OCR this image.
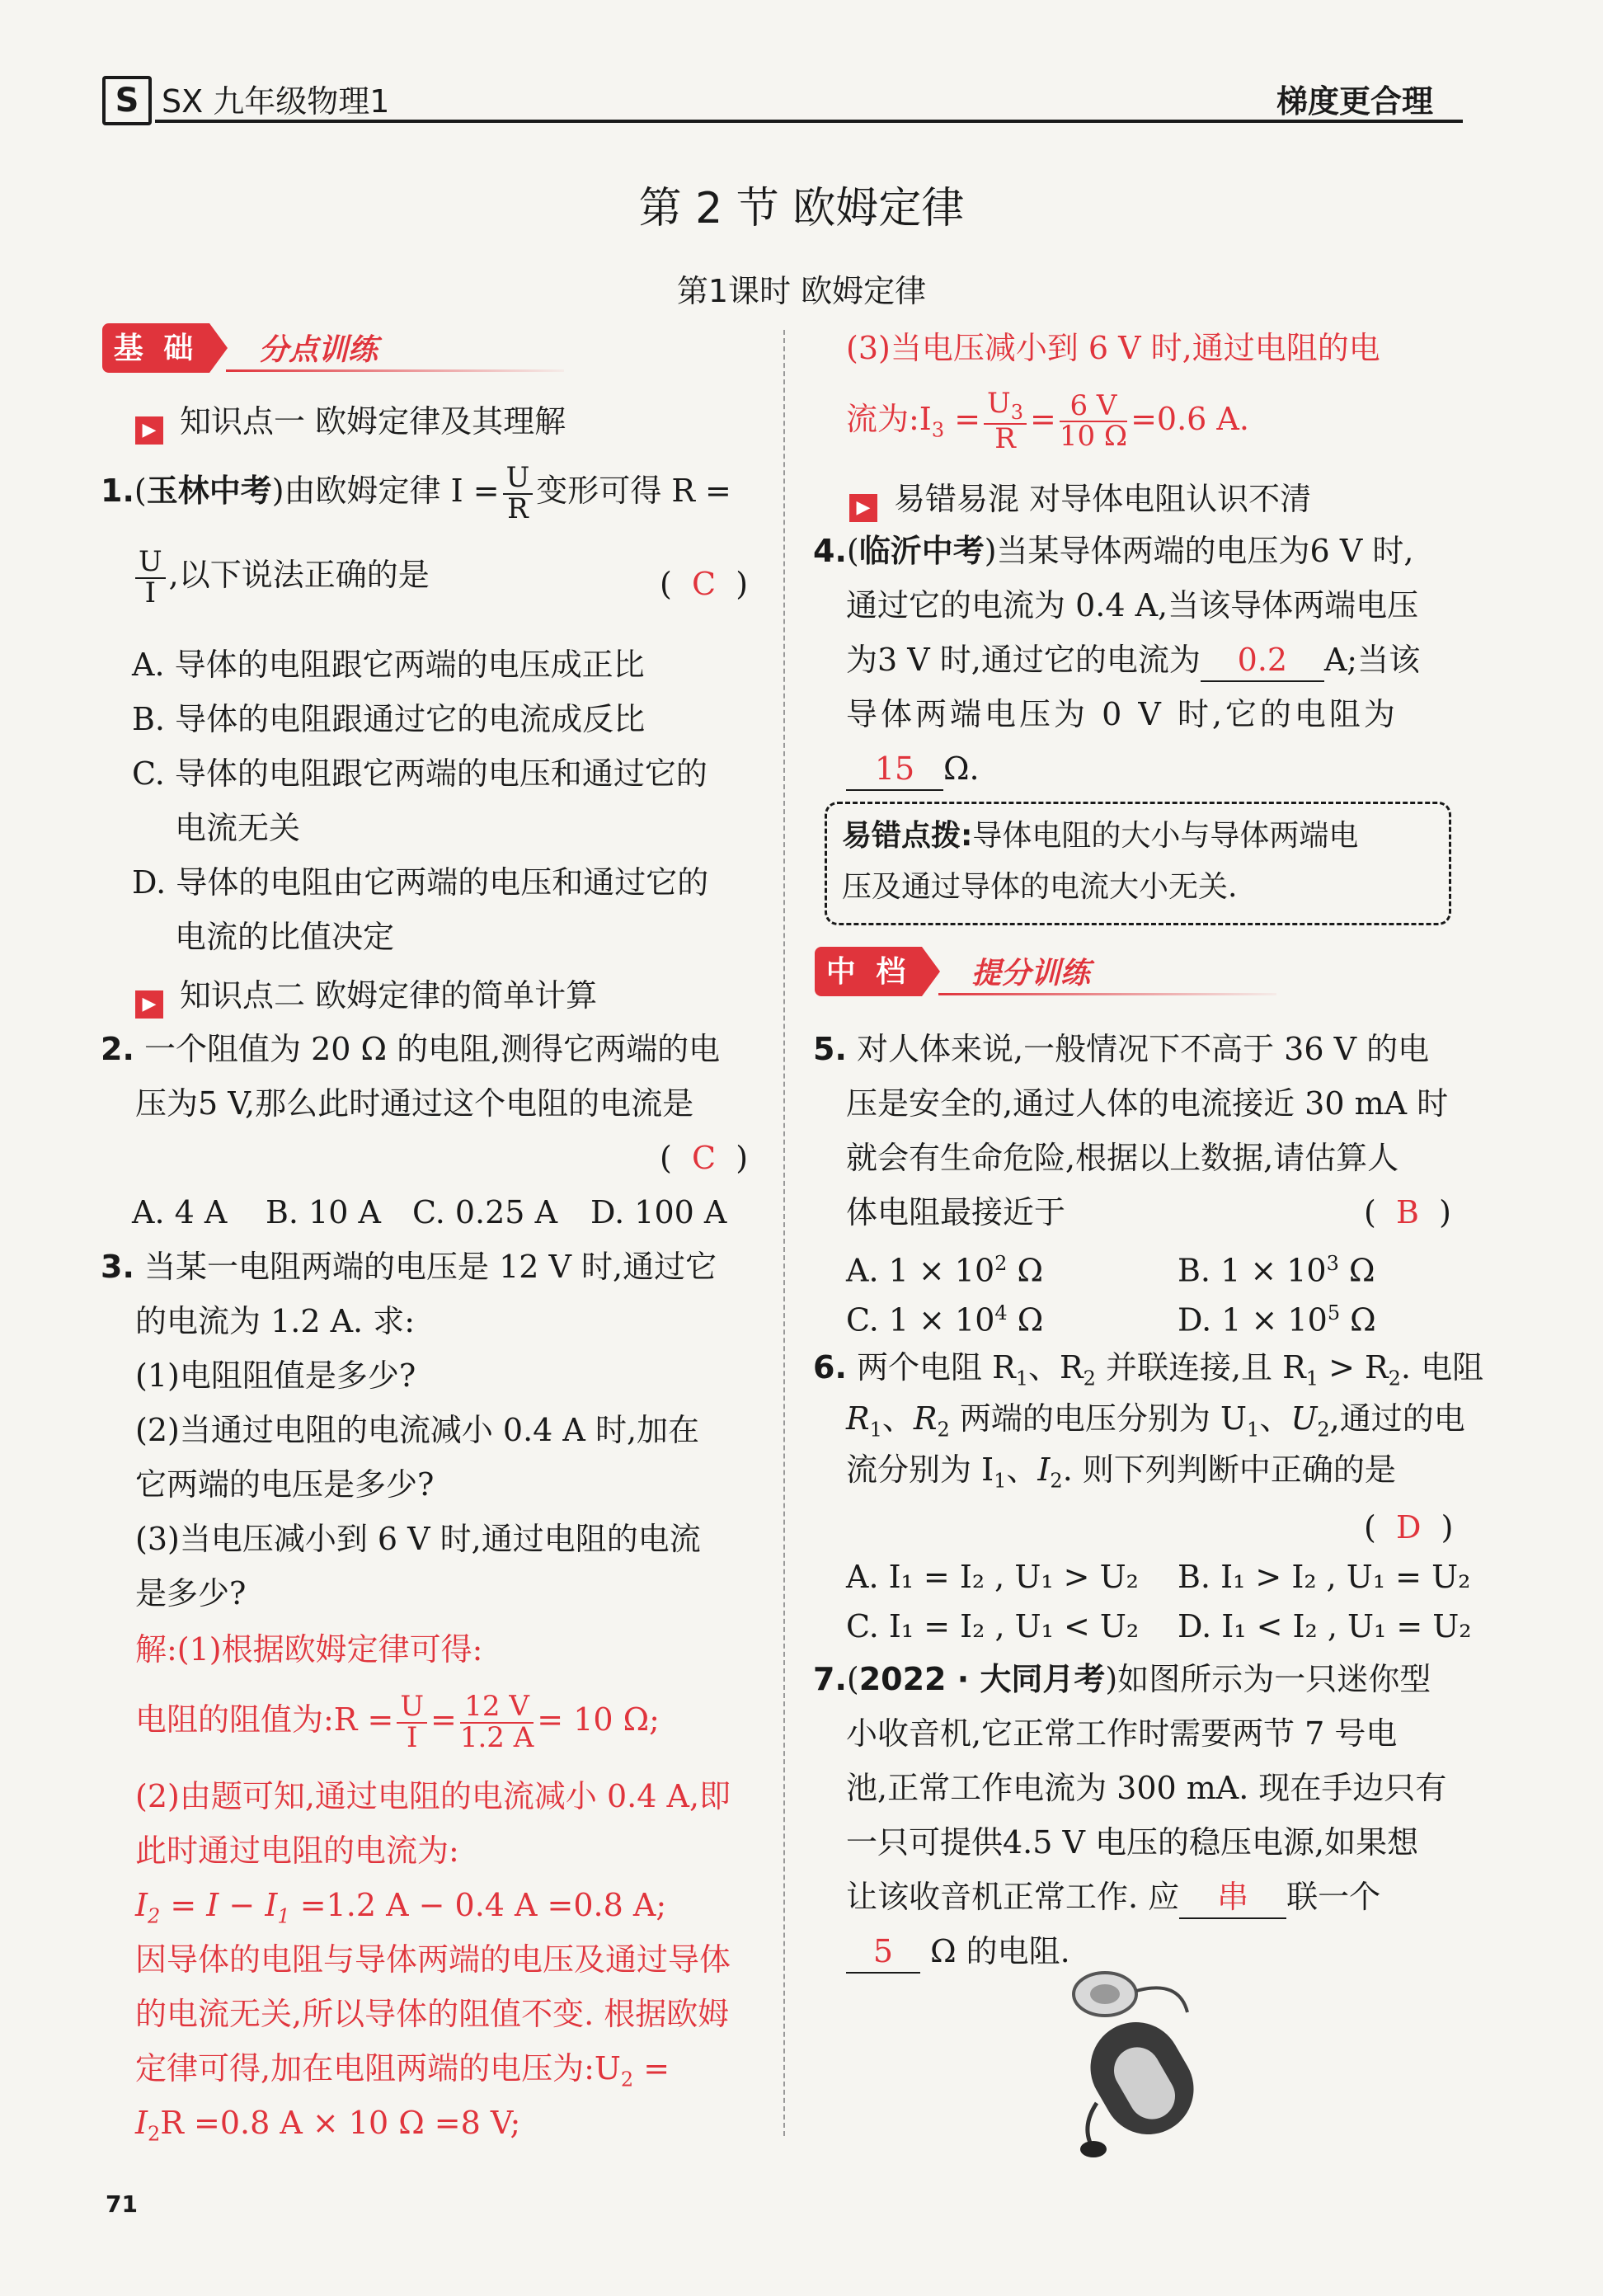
S SX 九年级物理1	梯度更合理
第 2 节 欧姆定律
第1课时 欧姆定律
基 础	分点训练
▶ 知识点一 欧姆定律及其理解
1.(玉林中考)由欧姆定律 $I = \frac{U}{R}$ 变形可得 R =
$\frac{U}{I}$ ,以下说法正确的是	(  C  )
A. 导体的电阻跟它两端的电压成正比
B. 导体的电阻跟通过它的电流成反比
C. 导体的电阻跟它两端的电压和通过它的
电流无关
D. 导体的电阻由它两端的电压和通过它的
电流的比值决定
▶ 知识点二 欧姆定律的简单计算
2. 一个阻值为 20 Ω 的电阻,测得它两端的电
压为5 V,那么此时通过这个电阻的电流是
(  C  )
A. 4 A B. 10 A C. 0.25 A D. 100 A
3. 当某一电阻两端的电压是 12 V 时,通过它
的电流为 1.2 A. 求:
(1)电阻阻值是多少?
(2)当通过电阻的电流减小 0.4 A 时,加在
它两端的电压是多少?
(3)当电压减小到 6 V 时,通过电阻的电流
是多少?
解:(1)根据欧姆定律可得:
电阻的阻值为:R = $\frac{U}{I} = \frac{12 V}{1.2 A} = 10$ Ω;
(2)由题可知,通过电阻的电流减小 0.4 A,即
此时通过电阻的电流为:
$I_2 = I - I_1 =1.2$ A − 0.4 A =0.8 A;
因导体的电阻与导体两端的电压及通过导体
的电流无关,所以导体的阻值不变. 根据欧姆
定律可得,加在电阻两端的电压为$:U_2$ =
$I_2R =0.8$ A × 10 Ω =8 V;
(3)当电压减小到 6 V 时,通过电阻的电
流为$:I_3 = \frac{U_3}{R} = \frac{6 V}{10 \Omega} =0.6$ A.
▶ 易错易混 对导体电阻认识不清
4.(临沂中考)当某导体两端的电压为6 V 时,
通过它的电流为 0.4 A,当该导体两端电压
为3 V 时,通过它的电流为 0.2 A;当该
导体两端电压为 0 V 时,它的电阻为
15 Ω.
易错点拨:导体电阻的大小与导体两端电
压及通过导体的电流大小无关.
中 档	提分训练
5. 对人体来说,一般情况下不高于 36 V 的电
压是安全的,通过人体的电流接近 30 mA 时
就会有生命危险,根据以上数据,请估算人
体电阻最接近于	(  B  )
A. $1 \times 10^2$ Ω	B. $1 \times 10^3$ Ω
C. $1 \times 10^4$ Ω	D. $1 \times 10^5$ Ω
6. 两个电阻 $R_1$、$R_2$ 并联连接,且 $R_1 > R_2$. 电阻
$R_1$、$R_2$ 两端的电压分别为 $U_1$、$U_2$,通过的电
流分别为 $I_1$、$I_2$. 则下列判断中正确的是
(  D  )
A. I₁ = I₂ , U₁ > U₂ B. I₁ > I₂ , U₁ = U₂
C. I₁ = I₂ , U₁ < U₂ D. I₁ < I₂ , U₁ = U₂
7.(2022 · 大同月考)如图所示为一只迷你型
小收音机,它正常工作时需要两节 7 号电
池,正常工作电流为 300 mA. 现在手边只有
一只可提供4.5 V 电压的稳压电源,如果想
让该收音机正常工作. 应 串 联一个
5 Ω 的电阻.
71
